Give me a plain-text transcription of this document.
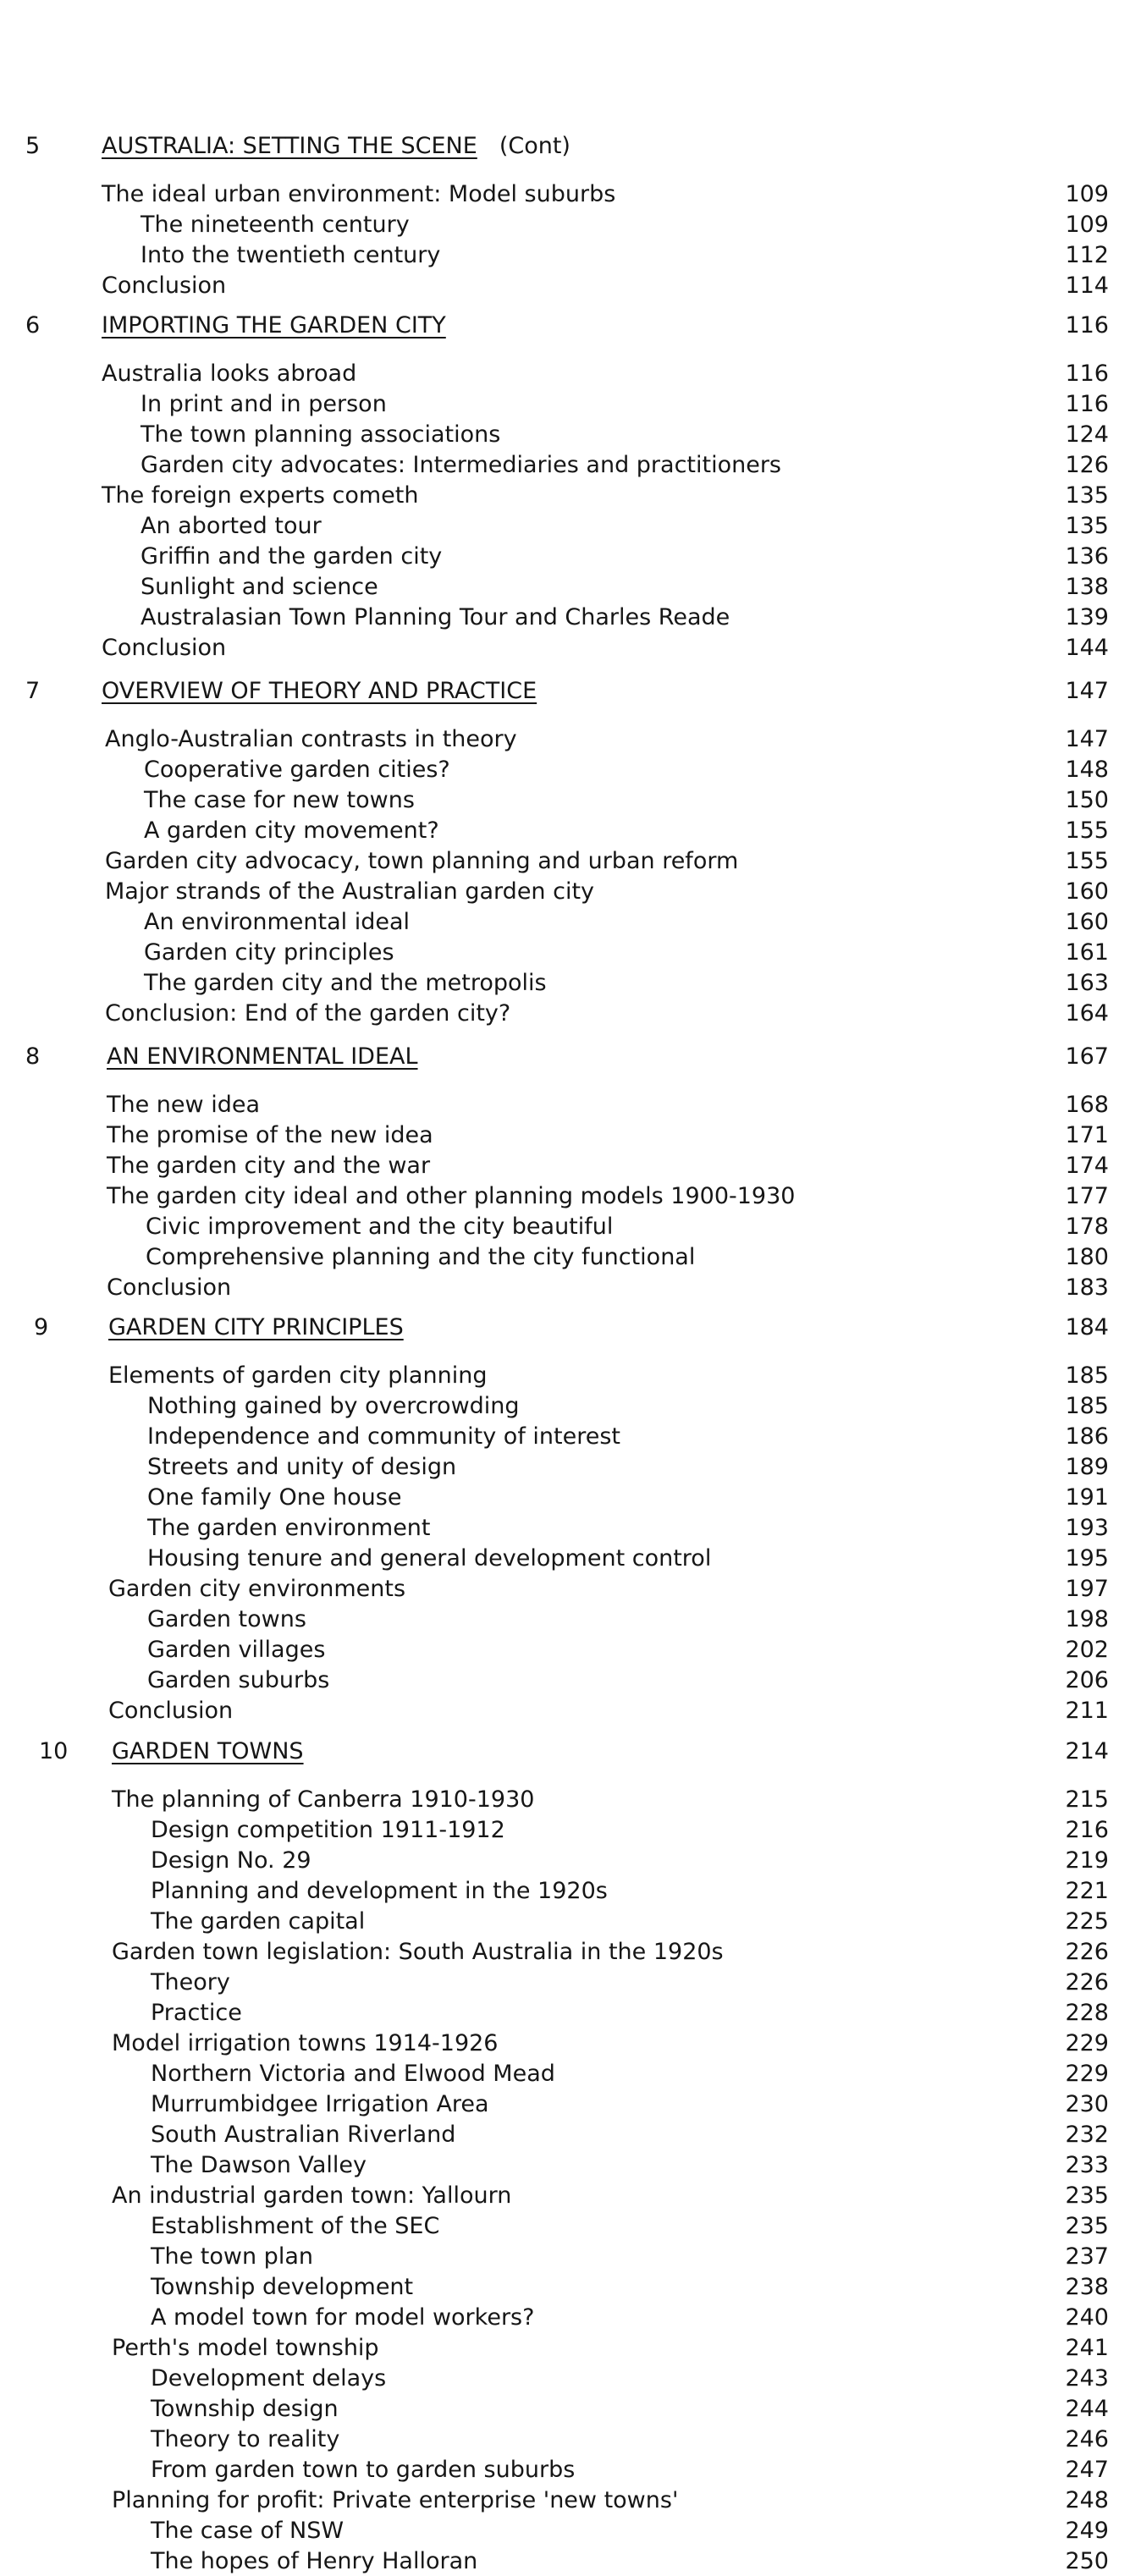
5	AUSTRALIA: SETTING THE SCENE (Cont)
The ideal urban environment: Model suburbs	109
The nineteenth century	109
Into the twentieth century	112
Conclusion	114
6	IMPORTING THE GARDEN CITY	116
Australia looks abroad	116
In print and in person	116
The town planning associations	124
Garden city advocates: Intermediaries and practitioners	126
The foreign experts cometh	135
An aborted tour	135
Griffin and the garden city	136
Sunlight and science	138
Australasian Town Planning Tour and Charles Reade	139
Conclusion	144
7	OVERVIEW OF THEORY AND PRACTICE	147
Anglo-Australian contrasts in theory	147
Cooperative garden cities?	148
The case for new towns	150
A garden city movement?	155
Garden city advocacy, town planning and urban reform	155
Major strands of the Australian garden city	160
An environmental ideal	160
Garden city principles	161
The garden city and the metropolis	163
Conclusion: End of the garden city?	164
8	AN ENVIRONMENTAL IDEAL	167
The new idea	168
The promise of the new idea	171
The garden city and the war	174
The garden city ideal and other planning models 1900-1930	177
Civic improvement and the city beautiful	178
Comprehensive planning and the city functional	180
Conclusion	183
9	GARDEN CITY PRINCIPLES	184
Elements of garden city planning	185
Nothing gained by overcrowding	185
Independence and community of interest	186
Streets and unity of design	189
One family One house	191
The garden environment	193
Housing tenure and general development control	195
Garden city environments	197
Garden towns	198
Garden villages	202
Garden suburbs	206
Conclusion	211
10 GARDEN TOWNS	214
The planning of Canberra 1910-1930	215
Design competition 1911-1912	216
Design No. 29	219
Planning and development in the 1920s	221
The garden capital	225
Garden town legislation: South Australia in the 1920s	226
Theory	226
Practice	228
Model irrigation towns 1914-1926	229
Northern Victoria and Elwood Mead	229
Murrumbidgee Irrigation Area	230
South Australian Riverland	232
The Dawson Valley	233
An industrial garden town: Yallourn	235
Establishment of the SEC	235
The town plan	237
Township development	238
A model town for model workers?	240
Perth's model township	241
Development delays	243
Township design	244
Theory to reality	246
From garden town to garden suburbs	247
Planning for profit: Private enterprise 'new towns'	248
The case of NSW	249
The hopes of Henry Halloran	250
